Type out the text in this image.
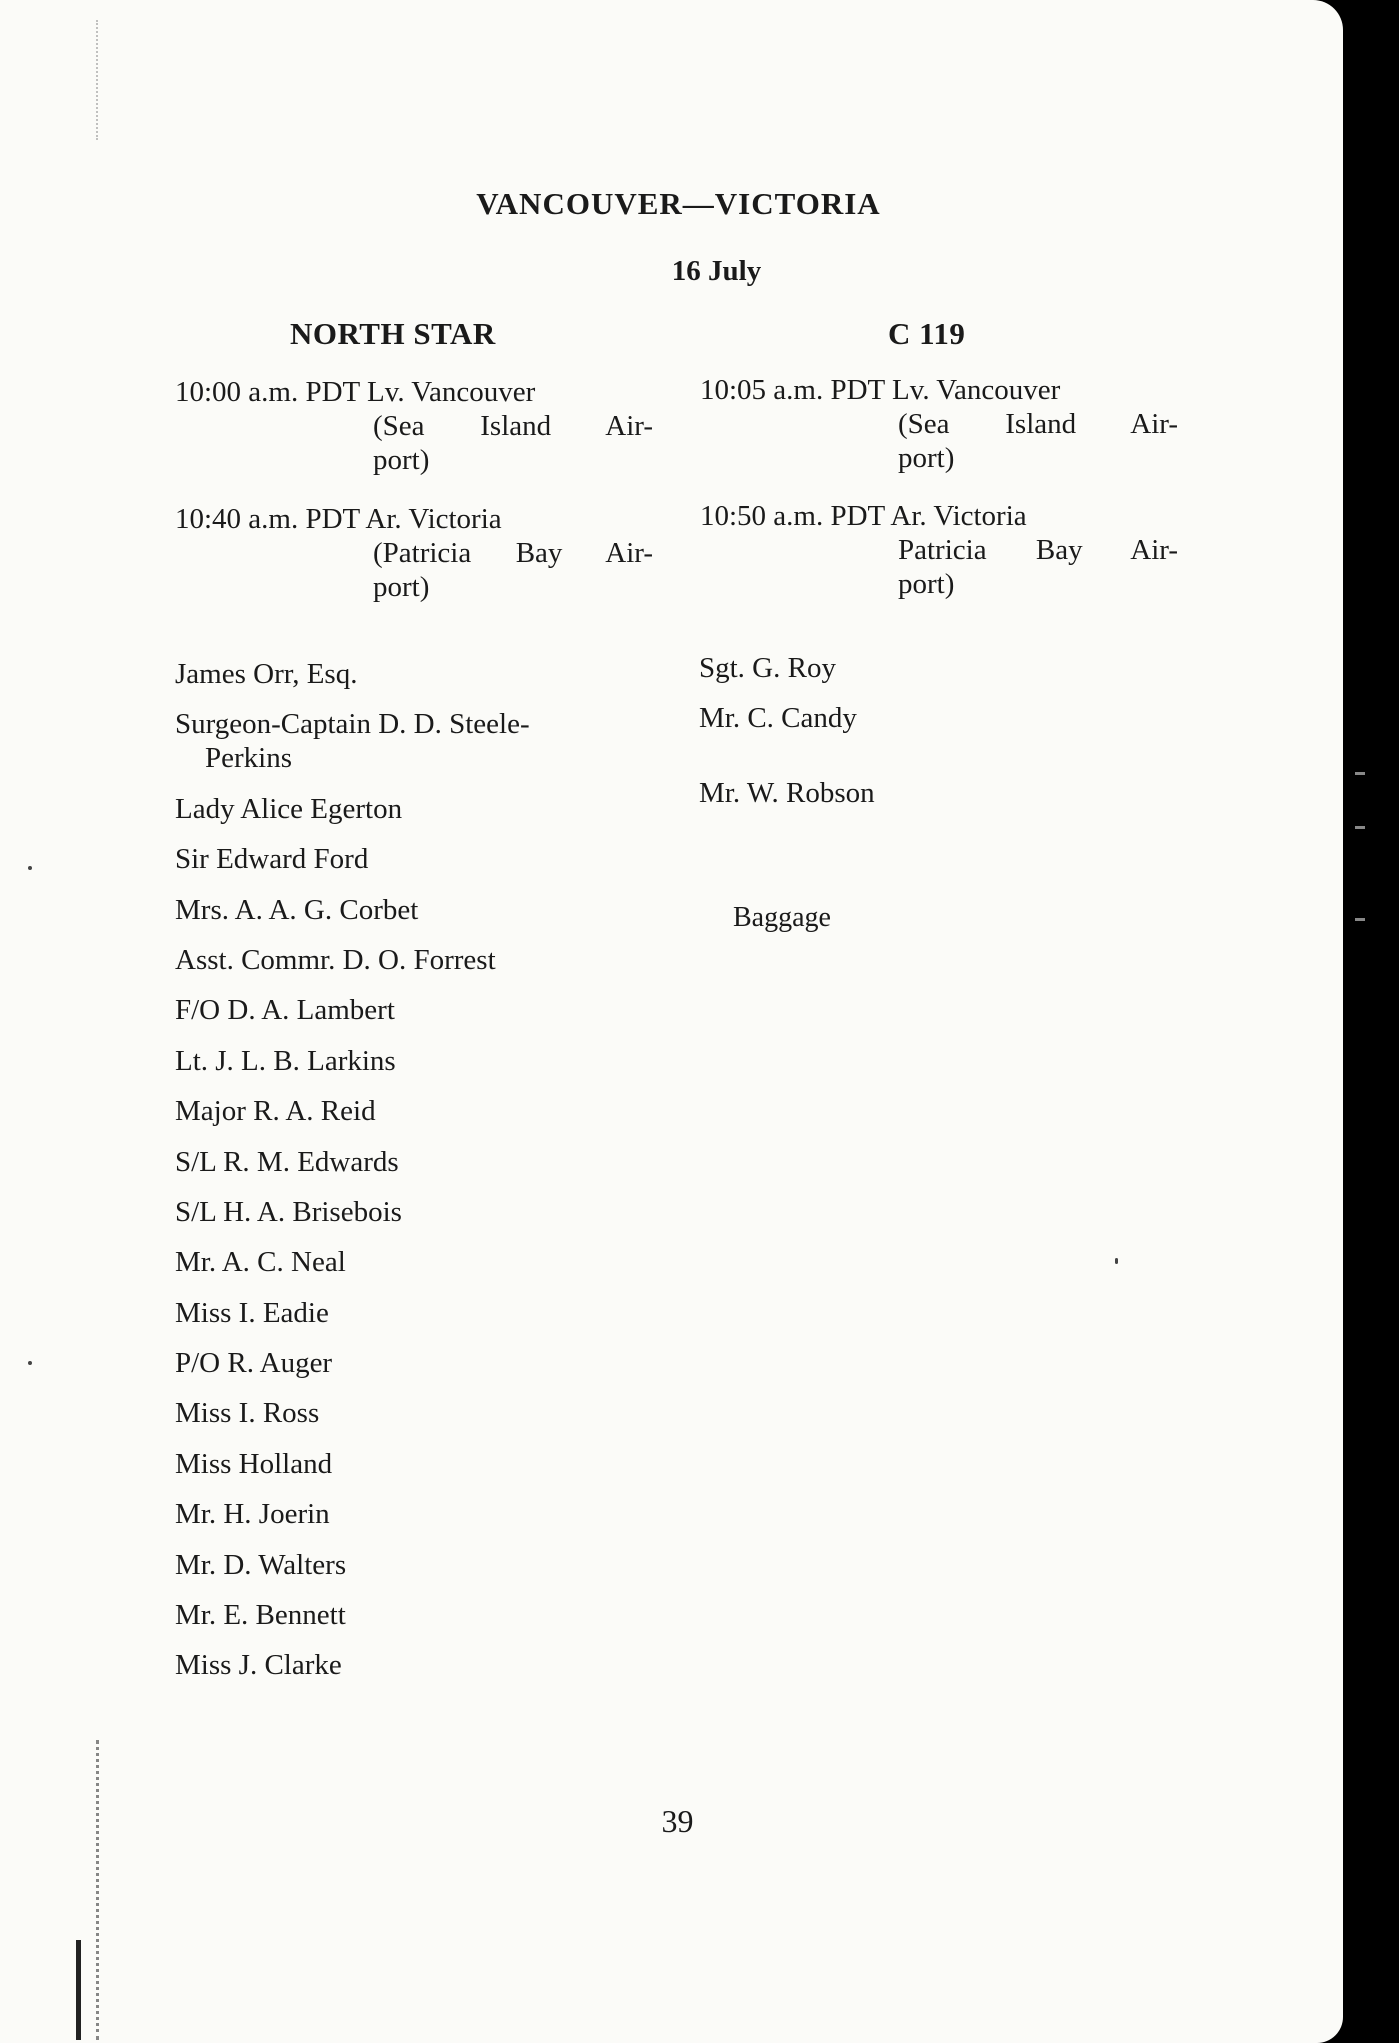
VANCOUVER—VICTORIA
16 July
NORTH STAR
10:00 a.m. PDT Lv. Vancouver
(Sea Island Air-
port)
10:40 a.m. PDT Ar. Victoria
(Patricia Bay Air-
port)
James Orr, Esq.
Surgeon-Captain D. D. Steele-
Perkins
Lady Alice Egerton
Sir Edward Ford
Mrs. A. A. G. Corbet
Asst. Commr. D. O. Forrest
F/O D. A. Lambert
Lt. J. L. B. Larkins
Major R. A. Reid
S/L R. M. Edwards
S/L H. A. Brisebois
Mr. A. C. Neal
Miss I. Eadie
P/O R. Auger
Miss I. Ross
Miss Holland
Mr. H. Joerin
Mr. D. Walters
Mr. E. Bennett
Miss J. Clarke
C 119
10:05 a.m. PDT Lv. Vancouver
(Sea Island Air-
port)
10:50 a.m. PDT Ar. Victoria
Patricia Bay Air-
port)
Sgt. G. Roy
Mr. C. Candy
Mr. W. Robson
Baggage
39
